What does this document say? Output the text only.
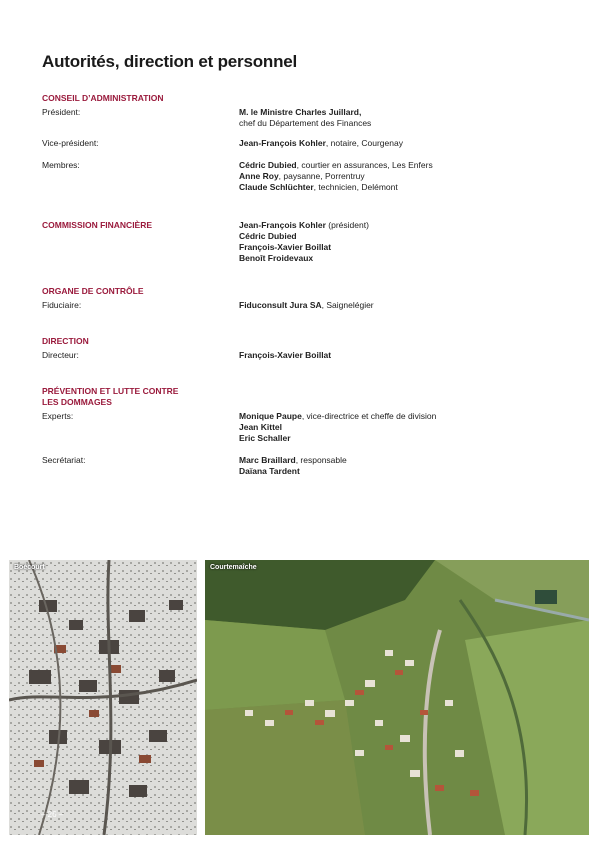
Autorités, direction et personnel
CONSEIL D’ADMINISTRATION
Président:	M. le Ministre Charles Juillard,
chef du Département des Finances
Vice-président:	Jean-François Kohler, notaire, Courgenay
Membres:	Cédric Dubied, courtier en assurances, Les Enfers
Anne Roy, paysanne, Porrentruy
Claude Schlüchter, technicien, Delémont
COMMISSION FINANCIÈRE	Jean-François Kohler (président)
Cédric Dubied
François-Xavier Boillat
Benoît Froidevaux
ORGANE DE CONTRÔLE
Fiduciaire:	Fiduconsult Jura SA, Saignelégier
DIRECTION
Directeur:	François-Xavier Boillat
PRÉVENTION ET LUTTE CONTRE
LES DOMMAGES
Experts:	Monique Paupe, vice-directrice et cheffe de division
Jean Kittel
Eric Schaller
Secrétariat:	Marc Braillard, responsable
Daïana Tardent
Boécourt
– 26 –
Courtemaîche
